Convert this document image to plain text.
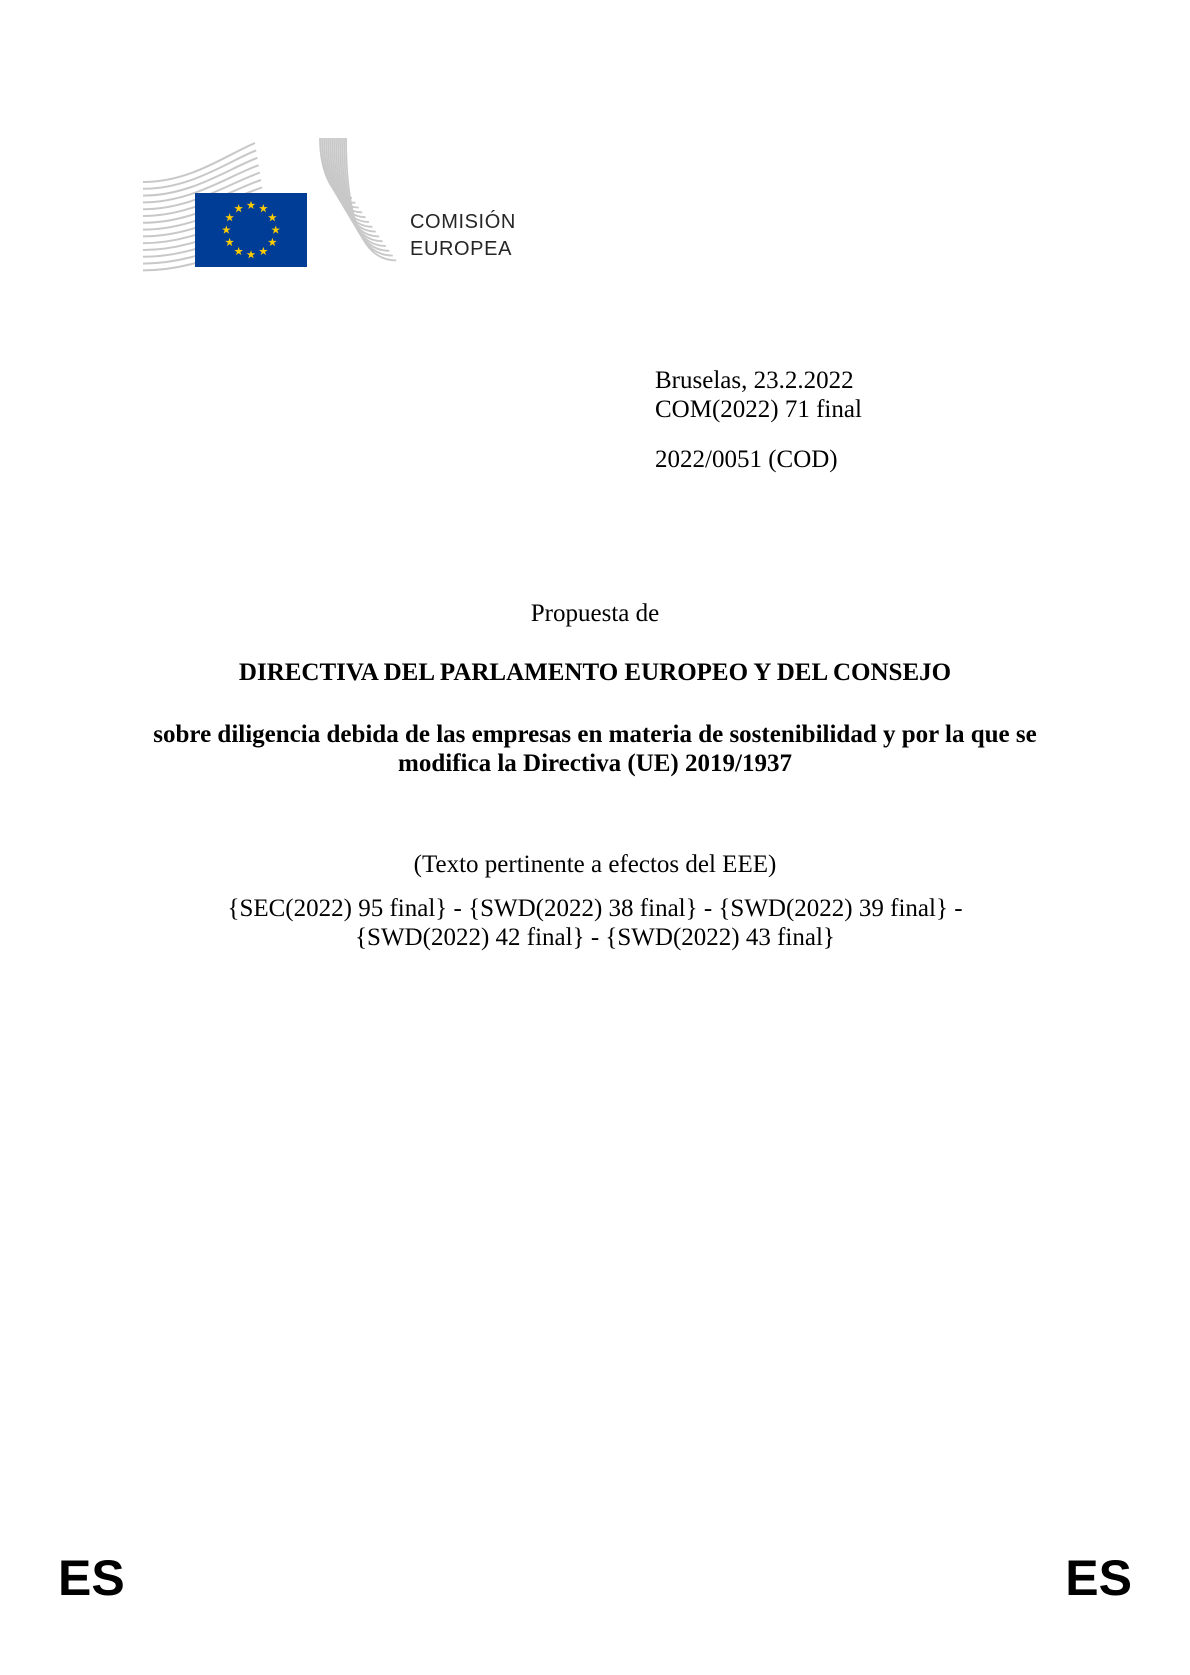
COMISIÓN
EUROPEA
Bruselas, 23.2.2022
COM(2022) 71 final
2022/0051 (COD)
Propuesta de
DIRECTIVA DEL PARLAMENTO EUROPEO Y DEL CONSEJO
sobre diligencia debida de las empresas en materia de sostenibilidad y por la que se
modifica la Directiva (UE) 2019/1937
(Texto pertinente a efectos del EEE)
{SEC(2022) 95 final} - {SWD(2022) 38 final} - {SWD(2022) 39 final} -
{SWD(2022) 42 final} - {SWD(2022) 43 final}
ES	ES
